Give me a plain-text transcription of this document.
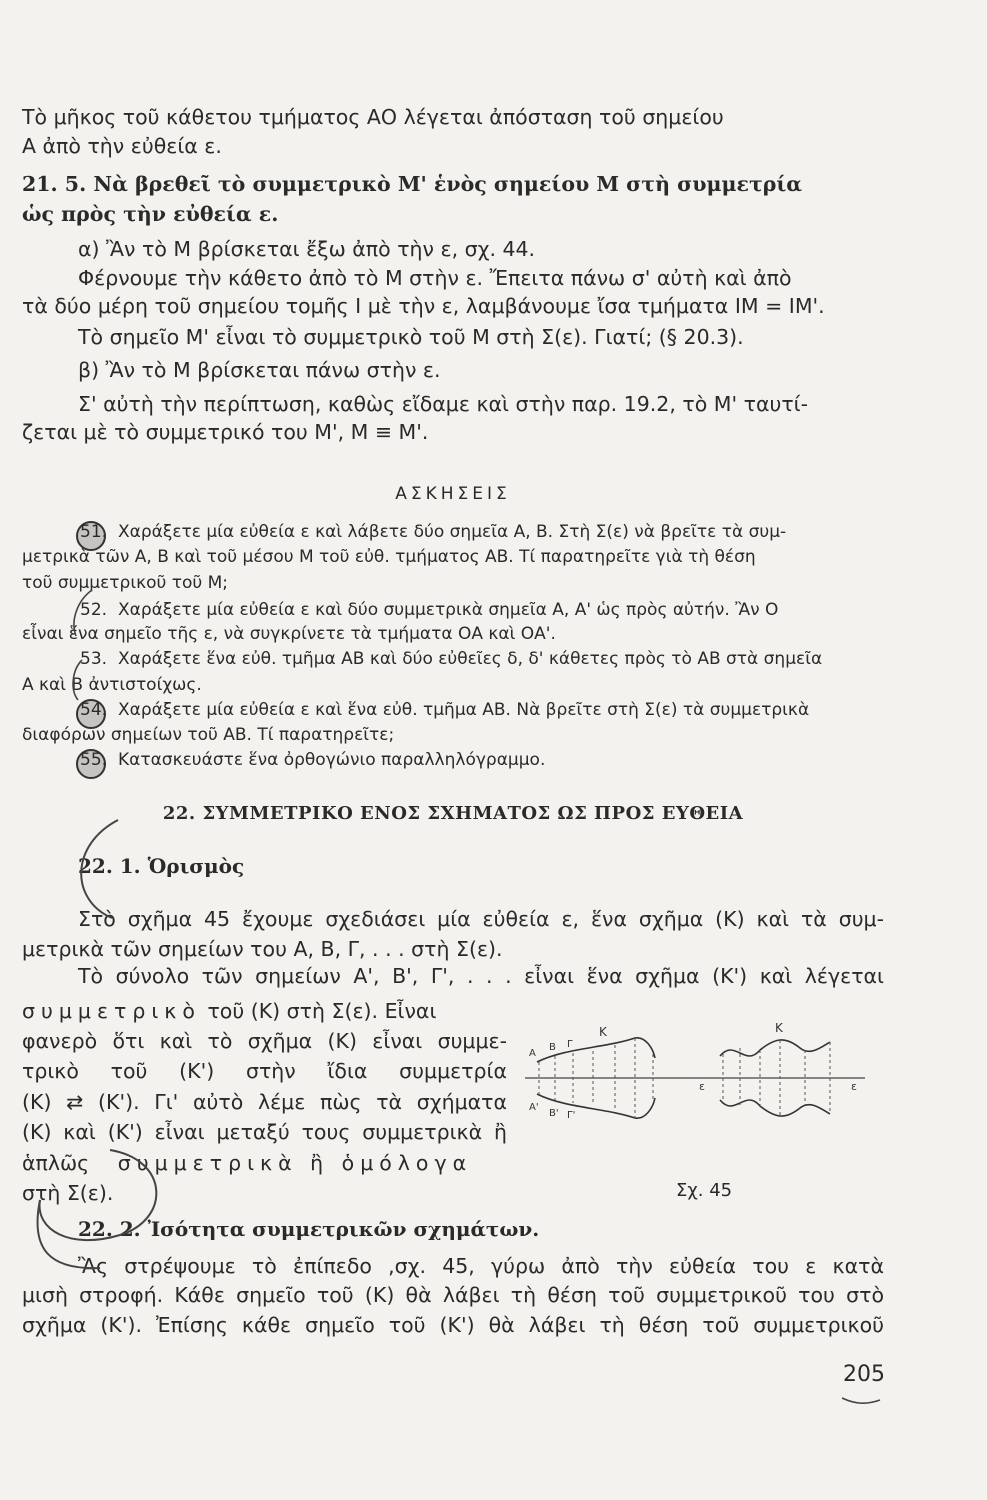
Τὸ μῆκος τοῦ κάθετου τμήματος ΑΟ λέγεται ἀπόσταση τοῦ σημείου
Α ἀπὸ τὴν εὐθεία ε.
21. 5. Νὰ βρεθεῖ τὸ συμμετρικὸ Μ' ἑνὸς σημείου Μ στὴ συμμετρία
ὡς πρὸς τὴν εὐθεία ε.
α) Ἂν τὸ Μ βρίσκεται ἔξω ἀπὸ τὴν ε, σχ. 44.
Φέρνουμε τὴν κάθετο ἀπὸ τὸ Μ στὴν ε. Ἔπειτα πάνω σ' αὐτὴ καὶ ἀπὸ
τὰ δύο μέρη τοῦ σημείου τομῆς Ι μὲ τὴν ε, λαμβάνουμε ἴσα τμήματα ΙΜ = ΙΜ'.
Τὸ σημεῖο Μ' εἶναι τὸ συμμετρικὸ τοῦ Μ στὴ Σ(ε). Γιατί; (§ 20.3).
β) Ἂν τὸ Μ βρίσκεται πάνω στὴν ε.
Σ' αὐτὴ τὴν περίπτωση, καθὼς εἴδαμε καὶ στὴν παρ. 19.2, τὸ Μ' ταυτί-
ζεται μὲ τὸ συμμετρικό του Μ', Μ ≡ Μ'.
ΑΣΚΗΣΕΙΣ
51. Χαράξετε μία εὐθεία ε καὶ λάβετε δύο σημεῖα Α, Β. Στὴ Σ(ε) νὰ βρεῖτε τὰ συμ-
μετρικὰ τῶν Α, Β καὶ τοῦ μέσου Μ τοῦ εὐθ. τμήματος ΑΒ. Τί παρατηρεῖτε γιὰ τὴ θέση
τοῦ συμμετρικοῦ τοῦ Μ;
52. Χαράξετε μία εὐθεία ε καὶ δύο συμμετρικὰ σημεῖα Α, Α' ὡς πρὸς αὐτήν. Ἂν Ο
εἶναι ἕνα σημεῖο τῆς ε, νὰ συγκρίνετε τὰ τμήματα ΟΑ καὶ ΟΑ'.
53. Χαράξετε ἕνα εὐθ. τμῆμα ΑΒ καὶ δύο εὐθεῖες δ, δ' κάθετες πρὸς τὸ ΑΒ στὰ σημεῖα
Α καὶ Β ἀντιστοίχως.
54. Χαράξετε μία εὐθεία ε καὶ ἕνα εὐθ. τμῆμα ΑΒ. Νὰ βρεῖτε στὴ Σ(ε) τὰ συμμετρικὰ
διαφόρων σημείων τοῦ ΑΒ. Τί παρατηρεῖτε;
55. Κατασκευάστε ἕνα ὀρθογώνιο παραλληλόγραμμο.
22. ΣΥΜΜΕΤΡΙΚΟ ΕΝΟΣ ΣΧΗΜΑΤΟΣ ΩΣ ΠΡΟΣ ΕΥΘΕΙΑ
22. 1. Ὁρισμὸς
Στὸ σχῆμα 45 ἔχουμε σχεδιάσει μία εὐθεία ε, ἕνα σχῆμα (Κ) καὶ τὰ συμ-
μετρικὰ τῶν σημείων του Α, Β, Γ, . . . στὴ Σ(ε).
Τὸ σύνολο τῶν σημείων Α', Β', Γ', . . . εἶναι ἕνα σχῆμα (Κ') καὶ λέγεται
συμμετρικὸ τοῦ (Κ) στὴ Σ(ε). Εἶναι
φανερὸ ὅτι καὶ τὸ σχῆμα (Κ) εἶναι συμμε-
τρικὸ τοῦ (Κ') στὴν ἴδια συμμετρία
(Κ) ⇄ (Κ'). Γι' αὐτὸ λέμε πὼς τὰ σχήματα
(Κ) καὶ (Κ') εἶναι μεταξύ τους συμμετρικὰ ἢ
ἁπλῶς συμμετρικὰ ἢ ὁμόλογα
στὴ Σ(ε).
Α
Β Γ
Κ
Α'
Β' Γ'
ε
Κ
ε
Σχ. 45
22. 2. Ἰσότητα συμμετρικῶν σχημάτων.
Ἂς στρέψουμε τὸ ἐπίπεδο ,σχ. 45, γύρω ἀπὸ τὴν εὐθεία του ε κατὰ
μισὴ στροφή. Κάθε σημεῖο τοῦ (Κ) θὰ λάβει τὴ θέση τοῦ συμμετρικοῦ του στὸ
σχῆμα (Κ'). Ἐπίσης κάθε σημεῖο τοῦ (Κ') θὰ λάβει τὴ θέση τοῦ συμμετρικοῦ
205
